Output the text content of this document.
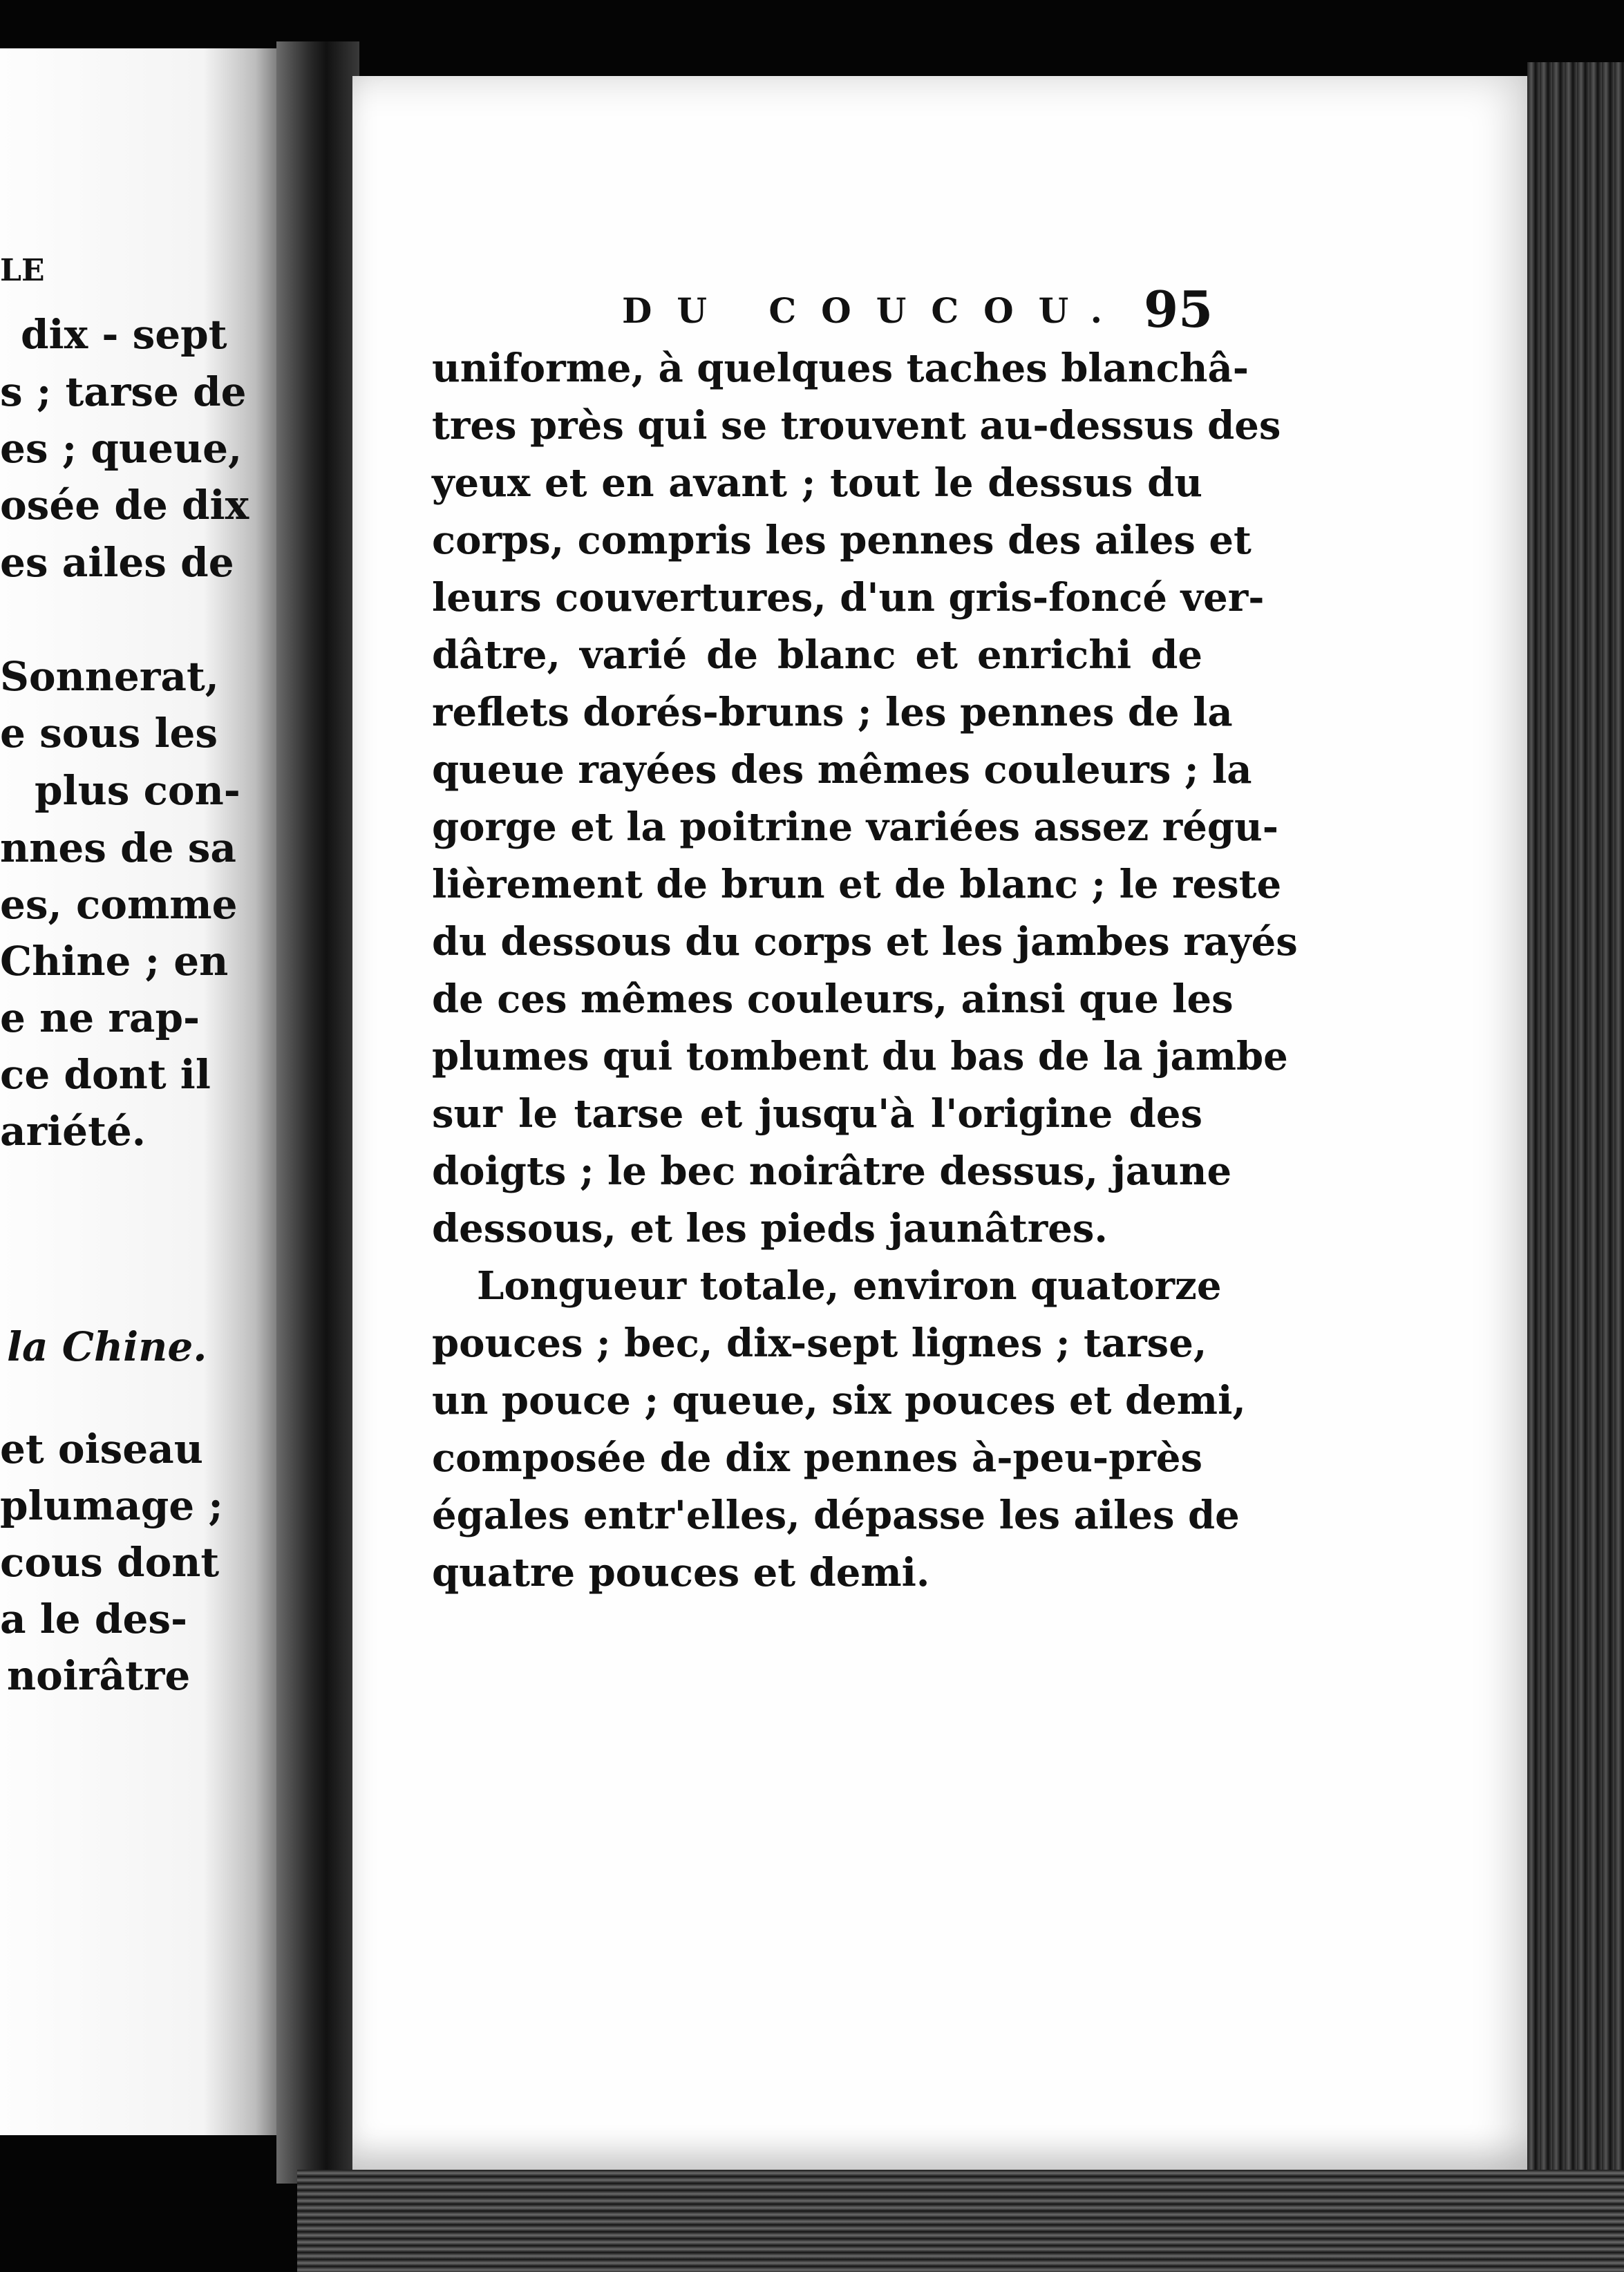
LE
dix - sept
s ; tarse de
es ; queue,
osée de dix
es ailes de
Sonnerat,
e sous les
plus con-
nnes de sa
es, comme
Chine ; en
e ne rap-
ce dont il
ariété.
la Chine.
et oiseau
plumage ;
cous dont
a le des-
noirâtre
DU COUCOU. 95
uniforme, à quelques taches blanchâ-
tres près qui se trouvent au-dessus des
yeux et en avant ; tout le dessus du
corps, compris les pennes des ailes et
leurs couvertures, d'un gris-foncé ver-
dâtre, varié de blanc et enrichi de
reflets dorés-bruns ; les pennes de la
queue rayées des mêmes couleurs ; la
gorge et la poitrine variées assez régu-
lièrement de brun et de blanc ; le reste
du dessous du corps et les jambes rayés
de ces mêmes couleurs, ainsi que les
plumes qui tombent du bas de la jambe
sur le tarse et jusqu'à l'origine des
doigts ; le bec noirâtre dessus, jaune
dessous, et les pieds jaunâtres.
Longueur totale, environ quatorze
pouces ; bec, dix-sept lignes ; tarse,
un pouce ; queue, six pouces et demi,
composée de dix pennes à-peu-près
égales entr'elles, dépasse les ailes de
quatre pouces et demi.
